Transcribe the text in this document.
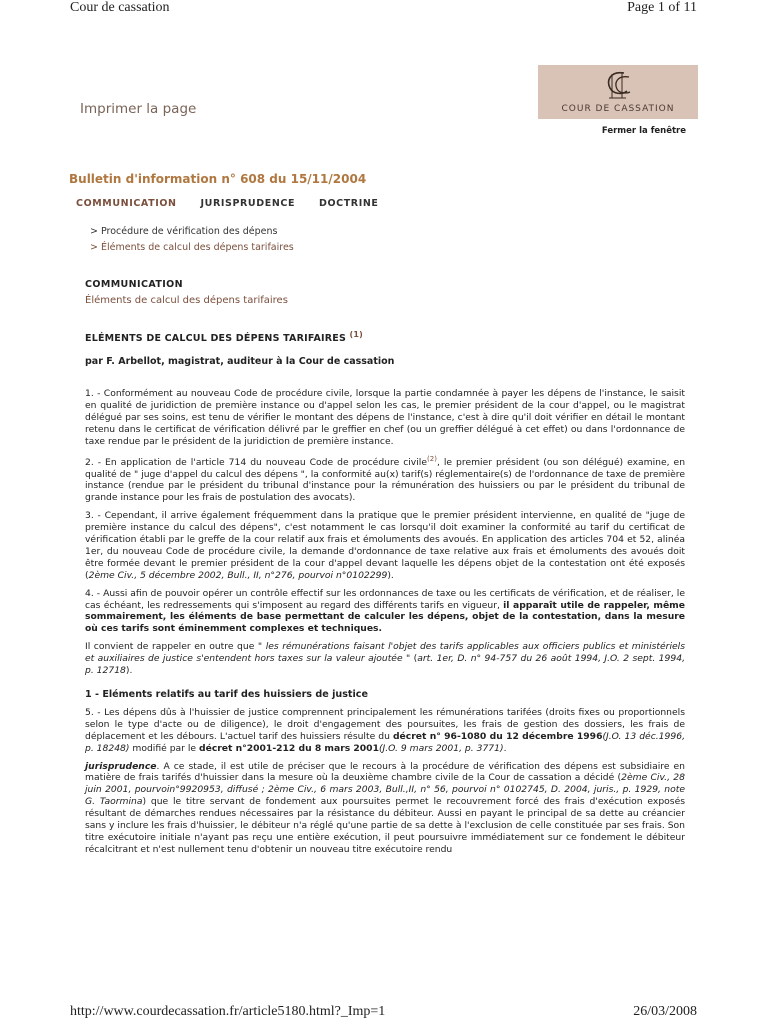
Cour de cassation	Page 1 of 11
COUR DE CASSATION
Imprimer la page
Fermer la fenêtre
Bulletin d'information n° 608 du 15/11/2004
COMMUNICATION	JURISPRUDENCE	DOCTRINE
> Procédure de vérification des dépens
> Éléments de calcul des dépens tarifaires
COMMUNICATION
Éléments de calcul des dépens tarifaires
ELÉMENTS DE CALCUL DES DÉPENS TARIFAIRES $^{(1)}$
par F. Arbellot, magistrat, auditeur à la Cour de cassation

1. - Conformément au nouveau Code de procédure civile, lorsque la partie condamnée à payer les dépens de l'instance, le saisit en qualité de juridiction de première instance ou d'appel selon les cas, le premier président de la cour d'appel, ou le magistrat délégué par ses soins, est tenu de vérifier le montant des dépens de l'instance, c'est à dire qu'il doit vérifier en détail le montant retenu dans le certificat de vérification délivré par le greffier en chef (ou un greffier délégué à cet effet) ou dans l'ordonnance de taxe rendue par le président de la juridiction de première instance.

2. - En application de l'article 714 du nouveau Code de procédure civile$^{(2)}$, le premier président (ou son délégué) examine, en qualité de " juge d'appel du calcul des dépens ", la conformité au(x) tarif(s) réglementaire(s) de l'ordonnance de taxe de première instance (rendue par le président du tribunal d'instance pour la rémunération des huissiers ou par le président du tribunal de grande instance pour les frais de postulation des avocats).

3. - Cependant, il arrive également fréquemment dans la pratique que le premier président intervienne, en qualité de "juge de première instance du calcul des dépens", c'est notamment le cas lorsqu'il doit examiner la conformité au tarif du certificat de vérification établi par le greffe de la cour relatif aux frais et émoluments des avoués. En application des articles 704 et 52, alinéa 1er, du nouveau Code de procédure civile, la demande d'ordonnance de taxe relative aux frais et émoluments des avoués doit être formée devant le premier président de la cour d'appel devant laquelle les dépens objet de la contestation ont été exposés (2ème Civ., 5 décembre 2002, Bull., II, n°276, pourvoi n°0102299).

4. - Aussi afin de pouvoir opérer un contrôle effectif sur les ordonnances de taxe ou les certificats de vérification, et de réaliser, le cas échéant, les redressements qui s'imposent au regard des différents tarifs en vigueur, il apparaît utile de rappeler, même sommairement, les éléments de base permettant de calculer les dépens, objet de la contestation, dans la mesure où ces tarifs sont éminemment complexes et techniques.

Il convient de rappeler en outre que " les rémunérations faisant l'objet des tarifs applicables aux officiers publics et ministériels et auxiliaires de justice s'entendent hors taxes sur la valeur ajoutée " (art. 1er, D. n° 94-757 du 26 août 1994, J.O. 2 sept. 1994, p. 12718).

1 - Eléments relatifs au tarif des huissiers de justice

5. - Les dépens dûs à l'huissier de justice comprennent principalement les rémunérations tarifées (droits fixes ou proportionnels selon le type d'acte ou de diligence), le droit d'engagement des poursuites, les frais de gestion des dossiers, les frais de déplacement et les débours. L'actuel tarif des huissiers résulte du décret n° 96-1080 du 12 décembre 1996(J.O. 13 déc.1996, p. 18248) modifié par le décret n°2001-212 du 8 mars 2001(J.O. 9 mars 2001, p. 3771).

jurisprudence. A ce stade, il est utile de préciser que le recours à la procédure de vérification des dépens est subsidiaire en matière de frais tarifés d'huissier dans la mesure où la deuxième chambre civile de la Cour de cassation a décidé (2ème Civ., 28 juin 2001, pourvoin°9920953, diffusé ; 2ème Civ., 6 mars 2003, Bull.,II, n° 56, pourvoi n° 0102745, D. 2004, juris., p. 1929, note G. Taormina) que le titre servant de fondement aux poursuites permet le recouvrement forcé des frais d'exécution exposés résultant de démarches rendues nécessaires par la résistance du débiteur. Aussi en payant le principal de sa dette au créancier sans y inclure les frais d'huissier, le débiteur n'a réglé qu'une partie de sa dette à l'exclusion de celle constituée par ses frais. Son titre exécutoire initiale n'ayant pas reçu une entière exécution, il peut poursuivre immédiatement sur ce fondement le débiteur récalcitrant et n'est nullement tenu d'obtenir un nouveau titre exécutoire rendu

http://www.courdecassation.fr/article5180.html?_Imp=1	26/03/2008
